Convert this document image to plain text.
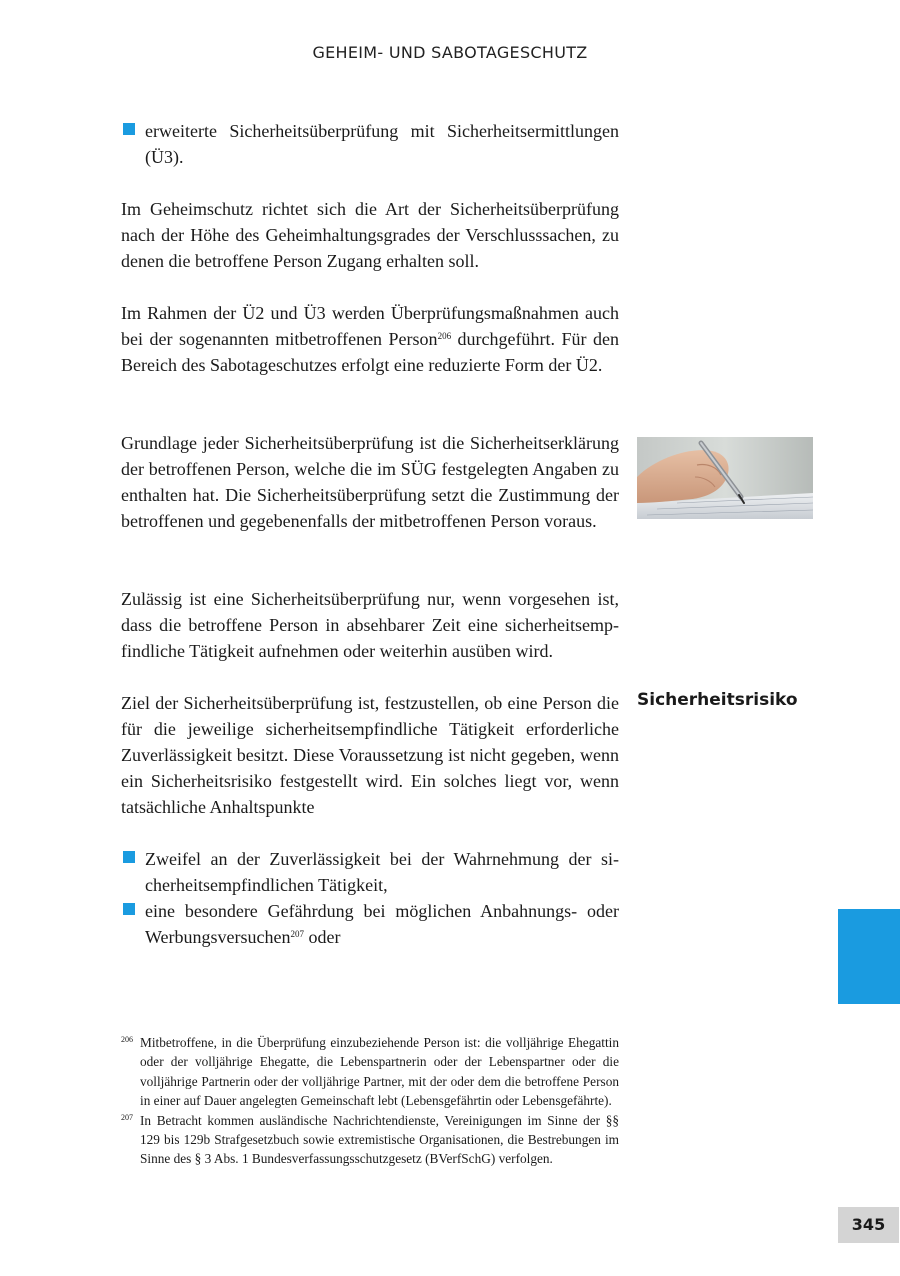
GEHEIM- UND SABOTAGESCHUTZ
erweiterte Sicherheitsüberprüfung mit Sicherheitsermittlungen (Ü3).

Im Geheimschutz richtet sich die Art der Sicherheitsüberprüfung nach der Höhe des Geheimhaltungsgrades der Verschlusssachen, zu denen die betroffene Person Zugang erhalten soll.

Im Rahmen der Ü2 und Ü3 werden Überprüfungsmaßnahmen auch bei der sogenannten mitbetroffenen Person$^{206}$ durchgeführt. Für den Bereich des Sabotageschutzes erfolgt eine reduzierte Form der Ü2.

Grundlage jeder Sicherheitsüberprüfung ist die Sicherheitserklärung der betroffenen Person, welche die im SÜG festgelegten Angaben zu enthalten hat. Die Sicherheitsüberprüfung setzt die Zustimmung der betroffenen und gegebenenfalls der mitbetroffenen Person voraus.

Zulässig ist eine Sicherheitsüberprüfung nur, wenn vorgesehen ist, dass die betroffene Person in absehbarer Zeit eine sicherheitsempfindliche Tätigkeit aufnehmen oder weiterhin ausüben wird.

Ziel der Sicherheitsüberprüfung ist, festzustellen, ob eine Person die für die jeweilige sicherheitsempfindliche Tätigkeit erforderliche Zuverlässigkeit besitzt. Diese Voraussetzung ist nicht gegeben, wenn ein Sicherheitsrisiko festgestellt wird. Ein solches liegt vor, wenn tatsächliche Anhaltspunkte

Zweifel an der Zuverlässigkeit bei der Wahrnehmung der sicherheitsempfindlichen Tätigkeit,
eine besondere Gefährdung bei möglichen Anbahnungs- oder Werbungsversuchen$^{207}$ oder
Sicherheitsrisiko
206 Mitbetroffene, in die Überprüfung einzubeziehende Person ist: die volljährige Ehegattin oder der volljährige Ehegatte, die Lebenspartnerin oder der Lebenspartner oder die volljährige Partnerin oder der volljährige Partner, mit der oder dem die betroffene Person in einer auf Dauer angelegten Gemeinschaft lebt (Lebensgefährtin oder Lebensgefährte).
207 In Betracht kommen ausländische Nachrichtendienste, Vereinigungen im Sinne der §§ 129 bis 129b Strafgesetzbuch sowie extremistische Organisationen, die Bestrebungen im Sinne des § 3 Abs. 1 Bundesverfassungsschutzgesetz (BVerfSchG) verfolgen.
345
